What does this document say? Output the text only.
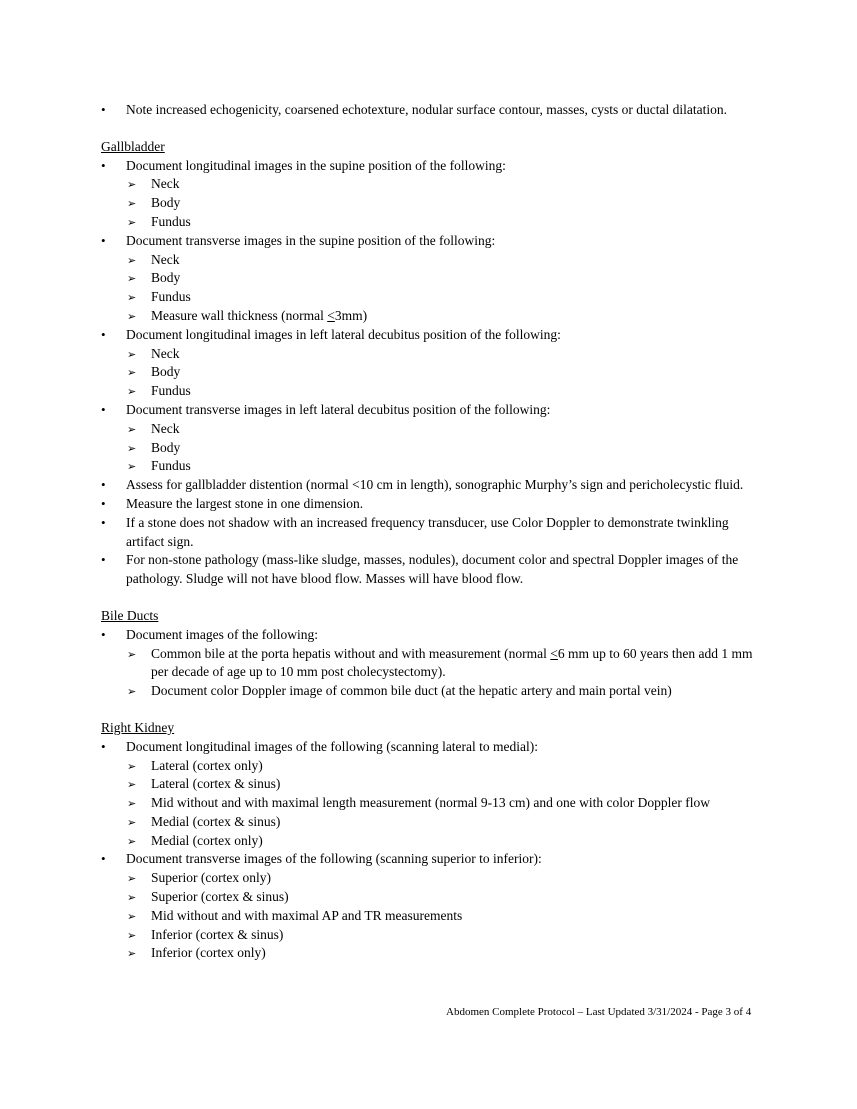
•
Note increased echogenicity, coarsened echotexture, nodular surface contour, masses, cysts or ductal dilatation.
Gallbladder
•
Document longitudinal images in the supine position of the following:
➢
Neck
➢
Body
➢
Fundus
•
Document transverse images in the supine position of the following:
➢
Neck
➢
Body
➢
Fundus
➢
Measure wall thickness (normal ≤3mm)
•
Document longitudinal images in left lateral decubitus position of the following:
➢
Neck
➢
Body
➢
Fundus
•
Document transverse images in left lateral decubitus position of the following:
➢
Neck
➢
Body
➢
Fundus
•
Assess for gallbladder distention (normal <10 cm in length), sonographic Murphy’s sign and pericholecystic fluid.
•
Measure the largest stone in one dimension.
•
If a stone does not shadow with an increased frequency transducer, use Color Doppler to demonstrate twinkling artifact sign.
•
For non-stone pathology (mass-like sludge, masses, nodules), document color and spectral Doppler images of the pathology. Sludge will not have blood flow. Masses will have blood flow.
Bile Ducts
•
Document images of the following:
➢
Common bile at the porta hepatis without and with measurement (normal ≤6 mm up to 60 years then add 1 mm per decade of age up to 10 mm post cholecystectomy).
➢
Document color Doppler image of common bile duct (at the hepatic artery and main portal vein)
Right Kidney
•
Document longitudinal images of the following (scanning lateral to medial):
➢
Lateral (cortex only)
➢
Lateral (cortex & sinus)
➢
Mid without and with maximal length measurement (normal 9-13 cm) and one with color Doppler flow
➢
Medial (cortex & sinus)
➢
Medial (cortex only)
•
Document transverse images of the following (scanning superior to inferior):
➢
Superior (cortex only)
➢
Superior (cortex & sinus)
➢
Mid without and with maximal AP and TR measurements
➢
Inferior (cortex & sinus)
➢
Inferior (cortex only)
Abdomen Complete Protocol – Last Updated 3/31/2024 - Page 3 of 4
